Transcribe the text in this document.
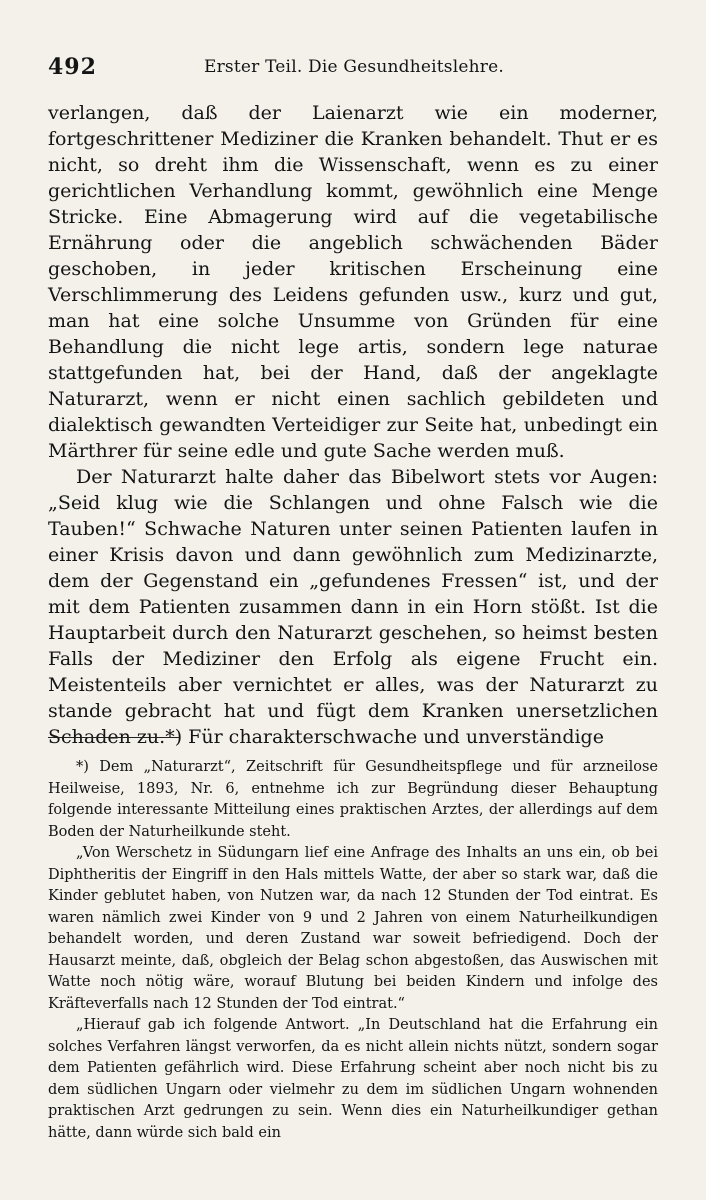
492	Erster Teil. Die Gesundheitslehre.

verlangen, daß der Laienarzt wie ein moderner, fortgeschrittener Mediziner die Kranken behandelt. Thut er es nicht, so dreht ihm die Wissenschaft, wenn es zu einer gerichtlichen Verhandlung kommt, gewöhnlich eine Menge Stricke. Eine Abmagerung wird auf die vegetabilische Ernährung oder die angeblich schwächenden Bäder geschoben, in jeder kritischen Erscheinung eine Verschlimmerung des Leidens gefunden usw., kurz und gut, man hat eine solche Unsumme von Gründen für eine Behandlung die nicht lege artis, sondern lege naturae stattgefunden hat, bei der Hand, daß der angeklagte Naturarzt, wenn er nicht einen sachlich gebildeten und dialektisch gewandten Verteidiger zur Seite hat, unbedingt ein Märthrer für seine edle und gute Sache werden muß.

Der Naturarzt halte daher das Bibelwort stets vor Augen: „Seid klug wie die Schlangen und ohne Falsch wie die Tauben!“ Schwache Naturen unter seinen Patienten laufen in einer Krisis davon und dann gewöhnlich zum Medizinarzte, dem der Gegenstand ein „gefundenes Fressen“ ist, und der mit dem Patienten zusammen dann in ein Horn stößt. Ist die Hauptarbeit durch den Naturarzt geschehen, so heimst besten Falls der Mediziner den Erfolg als eigene Frucht ein. Meistenteils aber vernichtet er alles, was der Naturarzt zu stande gebracht hat und fügt dem Kranken unersetzlichen Schaden zu.*) Für charakterschwache und unverständige

*) Dem „Naturarzt“, Zeitschrift für Gesundheitspflege und für arzneilose Heilweise, 1893, Nr. 6, entnehme ich zur Begründung dieser Behauptung folgende interessante Mitteilung eines praktischen Arztes, der allerdings auf dem Boden der Naturheilkunde steht.

„Von Werschetz in Südungarn lief eine Anfrage des Inhalts an uns ein, ob bei Diphtheritis der Eingriff in den Hals mittels Watte, der aber so stark war, daß die Kinder geblutet haben, von Nutzen war, da nach 12 Stunden der Tod eintrat. Es waren nämlich zwei Kinder von 9 und 2 Jahren von einem Naturheilkundigen behandelt worden, und deren Zustand war soweit befriedigend. Doch der Hausarzt meinte, daß, obgleich der Belag schon abgestoßen, das Auswischen mit Watte noch nötig wäre, worauf Blutung bei beiden Kindern und infolge des Kräfteverfalls nach 12 Stunden der Tod eintrat.“

„Hierauf gab ich folgende Antwort. „In Deutschland hat die Erfahrung ein solches Verfahren längst verworfen, da es nicht allein nichts nützt, sondern sogar dem Patienten gefährlich wird. Diese Erfahrung scheint aber noch nicht bis zu dem südlichen Ungarn oder vielmehr zu dem im südlichen Ungarn wohnenden praktischen Arzt gedrungen zu sein. Wenn dies ein Naturheilkundiger gethan hätte, dann würde sich bald ein
